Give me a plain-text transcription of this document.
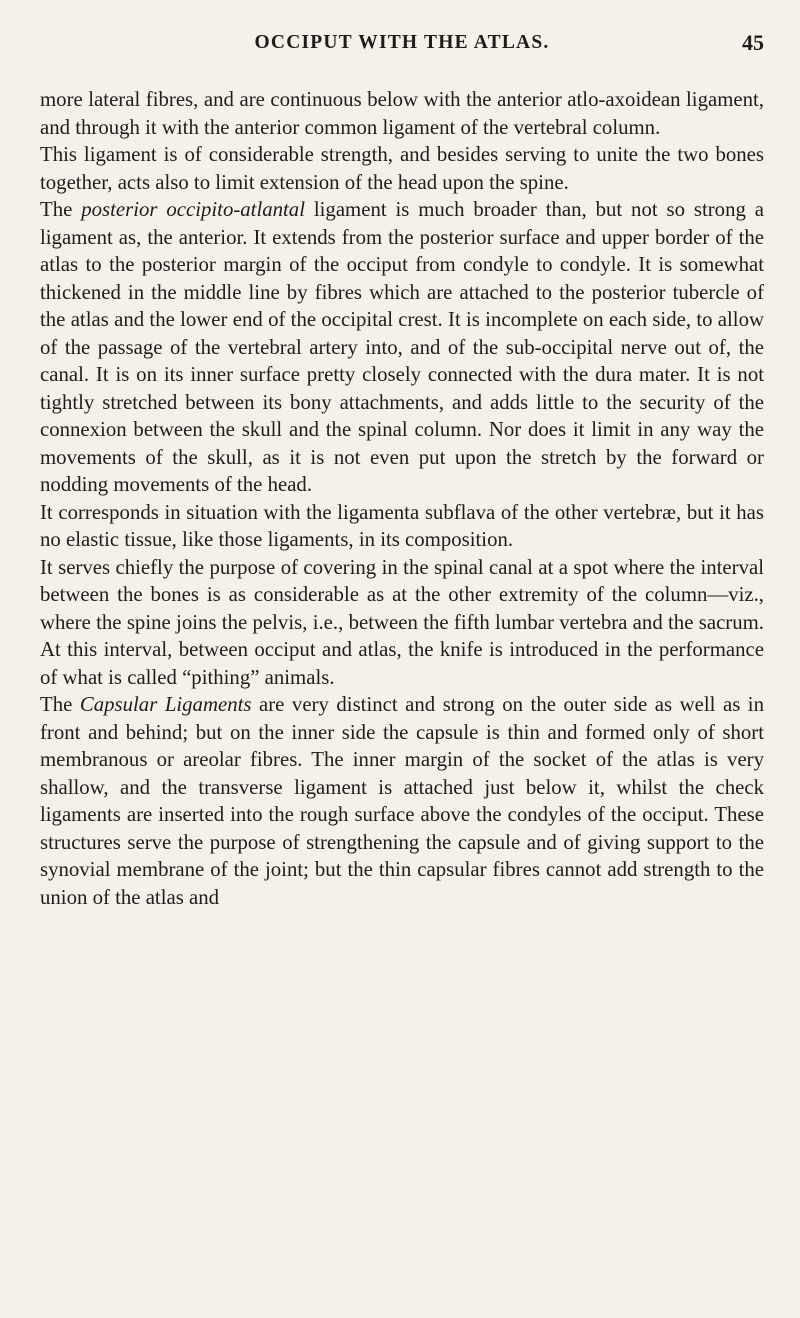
OCCIPUT WITH THE ATLAS.	45

more lateral fibres, and are continuous below with the anterior atlo-axoidean ligament, and through it with the anterior common ligament of the vertebral column.

This ligament is of considerable strength, and besides serving to unite the two bones together, acts also to limit extension of the head upon the spine.

The posterior occipito-atlantal ligament is much broader than, but not so strong a ligament as, the anterior. It extends from the posterior surface and upper border of the atlas to the posterior margin of the occiput from condyle to condyle. It is somewhat thickened in the middle line by fibres which are attached to the posterior tubercle of the atlas and the lower end of the occipital crest. It is incomplete on each side, to allow of the passage of the vertebral artery into, and of the sub-occipital nerve out of, the canal. It is on its inner surface pretty closely connected with the dura mater. It is not tightly stretched between its bony attachments, and adds little to the security of the connexion between the skull and the spinal column. Nor does it limit in any way the movements of the skull, as it is not even put upon the stretch by the forward or nodding movements of the head.

It corresponds in situation with the ligamenta subflava of the other vertebræ, but it has no elastic tissue, like those ligaments, in its composition.

It serves chiefly the purpose of covering in the spinal canal at a spot where the interval between the bones is as considerable as at the other extremity of the column—viz., where the spine joins the pelvis, i.e., between the fifth lumbar vertebra and the sacrum. At this interval, between occiput and atlas, the knife is introduced in the performance of what is called “pithing” animals.

The Capsular Ligaments are very distinct and strong on the outer side as well as in front and behind; but on the inner side the capsule is thin and formed only of short membranous or areolar fibres. The inner margin of the socket of the atlas is very shallow, and the transverse ligament is attached just below it, whilst the check ligaments are inserted into the rough surface above the condyles of the occiput. These structures serve the purpose of strengthening the capsule and of giving support to the synovial membrane of the joint; but the thin capsular fibres cannot add strength to the union of the atlas and
